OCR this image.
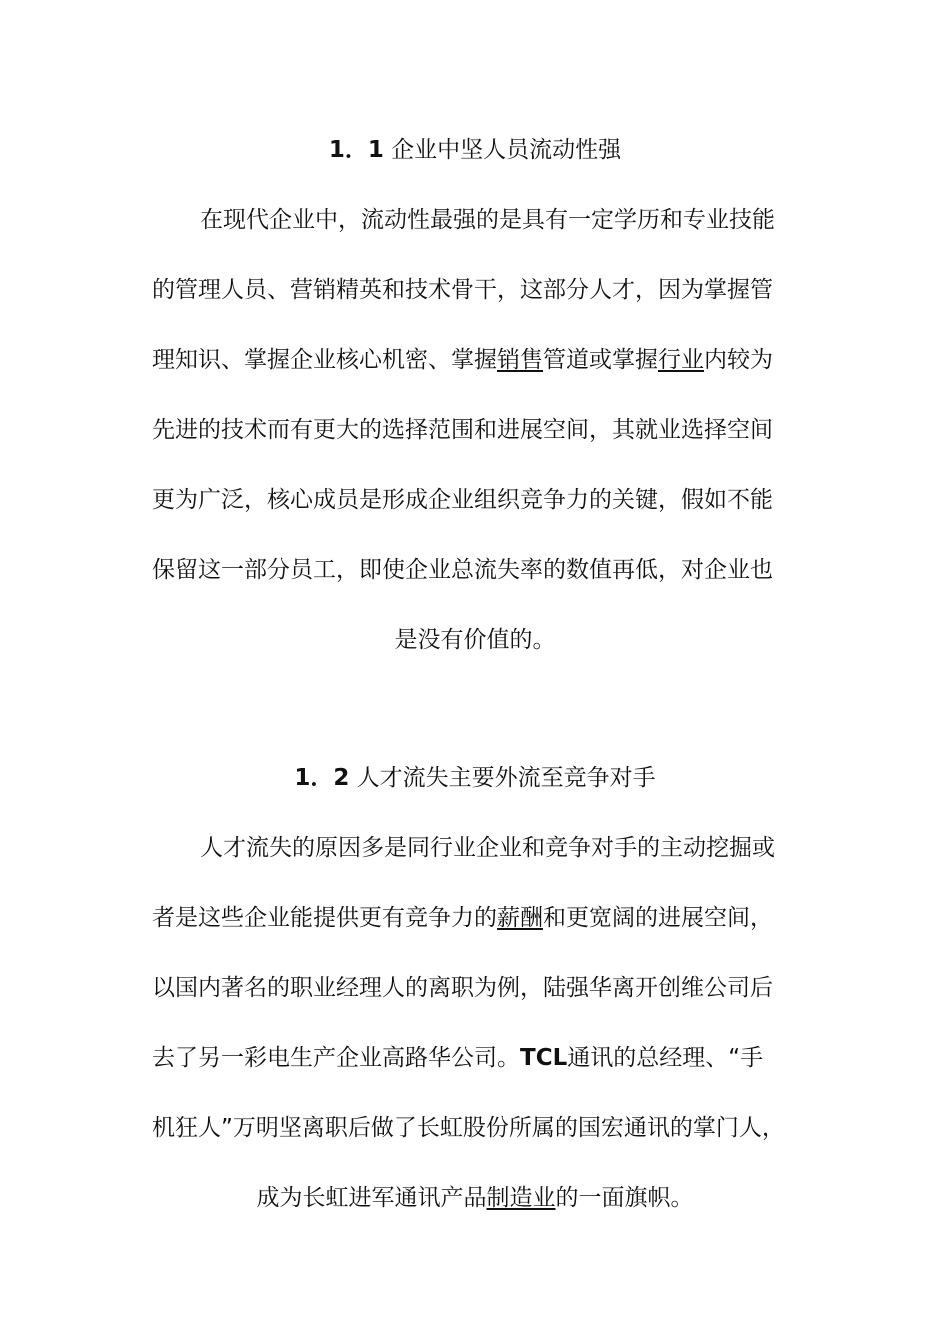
1．1 企业中坚人员流动性强
在现代企业中，流动性最强的是具有一定学历和专业技能
的管理人员、营销精英和技术骨干，这部分人才，因为掌握管
理知识、掌握企业核心机密、掌握销售管道或掌握行业内较为
先进的技术而有更大的选择范围和进展空间，其就业选择空间
更为广泛，核心成员是形成企业组织竞争力的关键，假如不能
保留这一部分员工，即使企业总流失率的数值再低，对企业也
是没有价值的。
1．2 人才流失主要外流至竞争对手
人才流失的原因多是同行业企业和竞争对手的主动挖掘或
者是这些企业能提供更有竞争力的薪酬和更宽阔的进展空间，
以国内著名的职业经理人的离职为例，陆强华离开创维公司后
去了另一彩电生产企业高路华公司。TCL通讯的总经理、“手
机狂人”万明坚离职后做了长虹股份所属的国宏通讯的掌门人，
成为长虹进军通讯产品制造业的一面旗帜。
